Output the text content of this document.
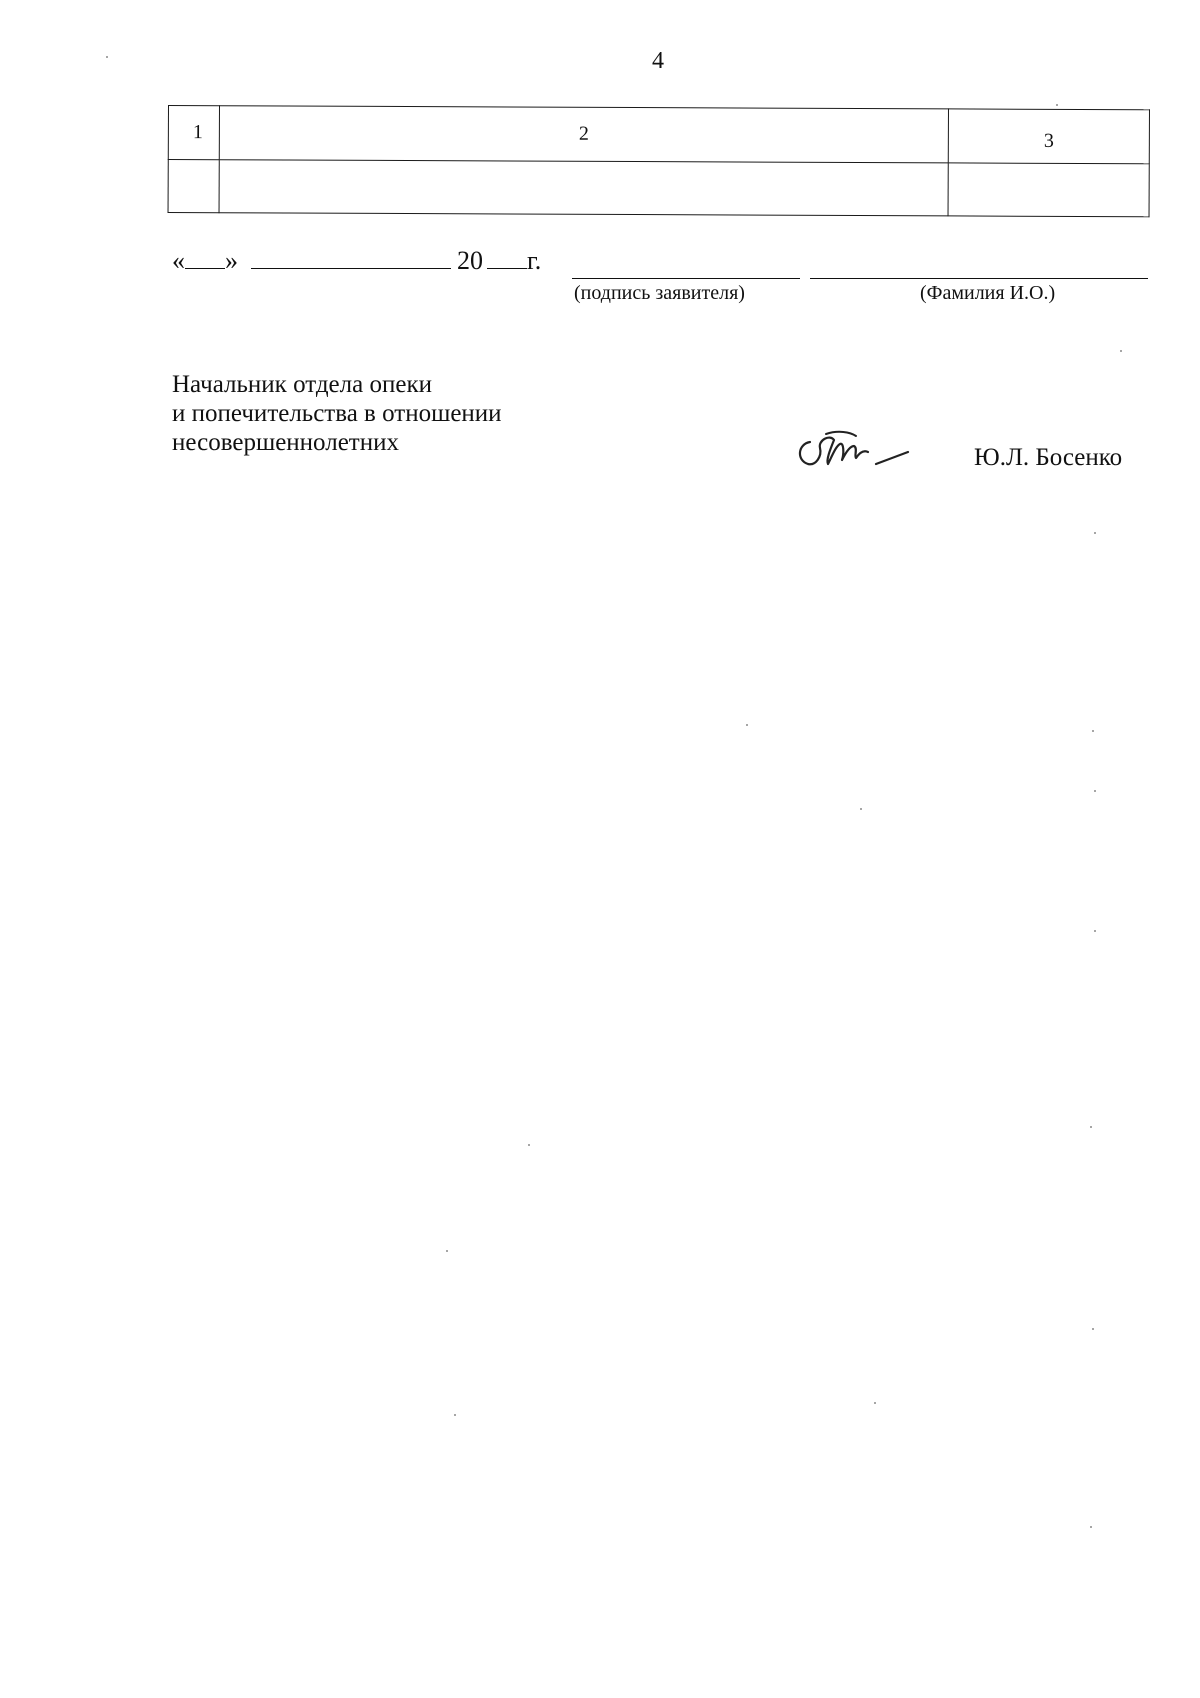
4
1	2	3

« »	20 г.
(подпись заявителя)	(Фамилия И.О.)
Начальник отдела опеки
и попечительства в отношении
несовершеннолетних
Ю.Л. Босенко
